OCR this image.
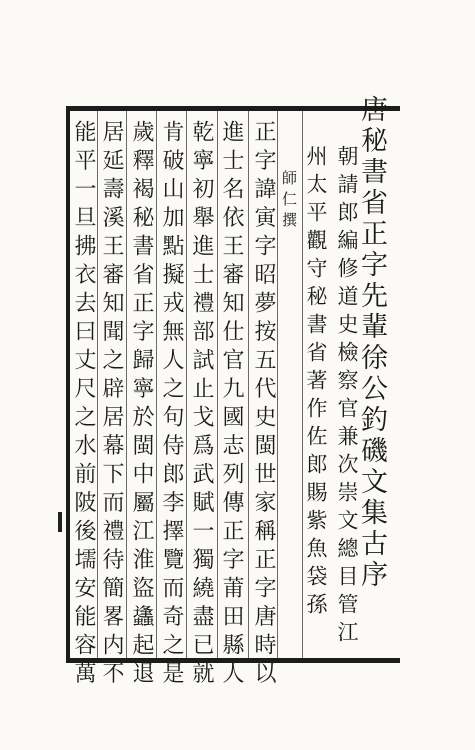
唐秘書省正字先輩徐公釣磯文集古序
朝請郎編修道史檢察官兼次崇文總目管江
州太平觀守秘書省著作佐郎賜紫魚袋孫
師仁撰
正字諱寅字昭夢按五代史閩世家稱正字唐時以
進士名依王審知仕官九國志列傳正字莆田縣人
乾寧初舉進士禮部試止戈爲武賦一獨繞盡已就
肯破山加點擬戎無人之句侍郎李擇覽而奇之是
歲釋褐秘書省正字歸寧於閩中屬江淮盜蠭起退
居延壽溪王審知聞之辟居幕下而禮待簡畧内不
能平一旦拂衣去曰丈尺之水前陂後壖安能容萬
